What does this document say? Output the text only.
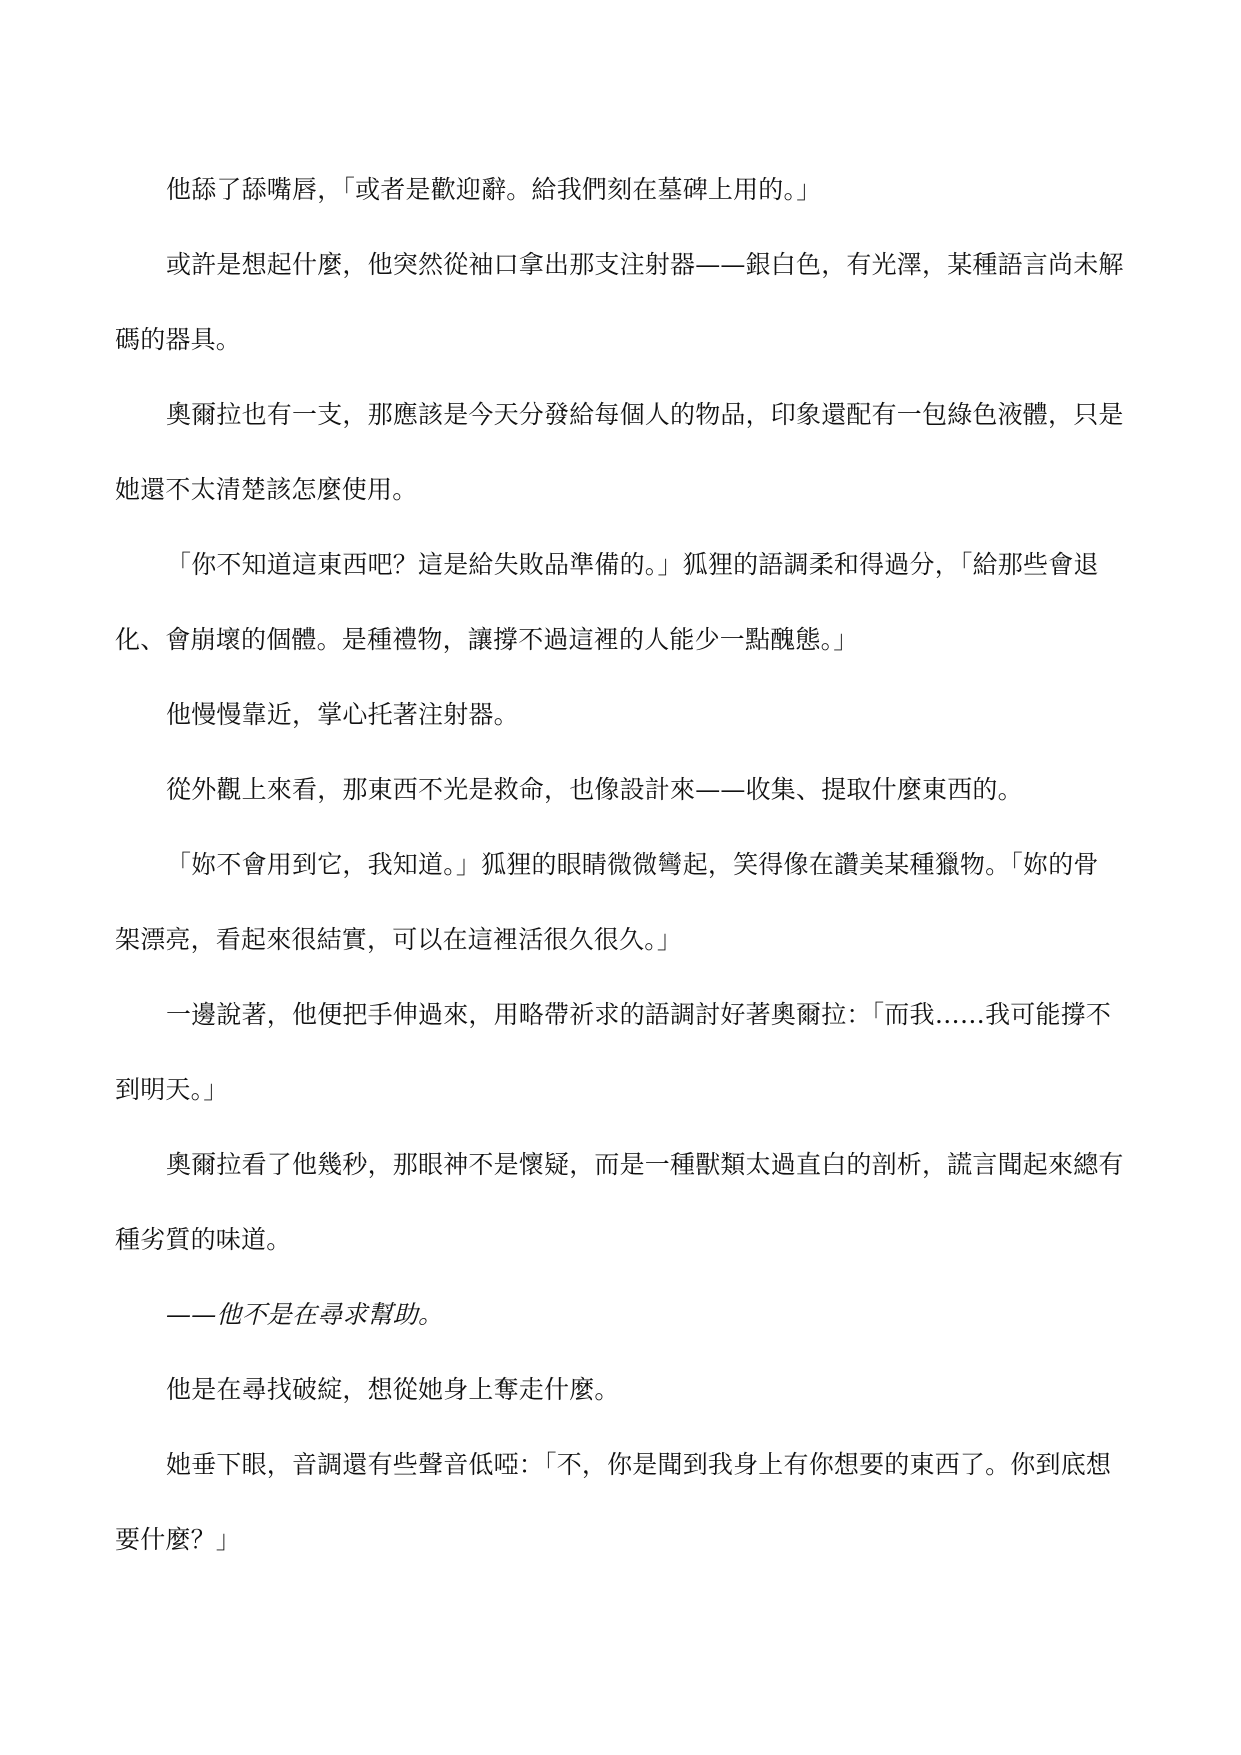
他舔了舔嘴唇，「或者是歡迎辭。給我們刻在墓碑上用的。」
或許是想起什麼，他突然從袖口拿出那支注射器——銀白色，有光澤，某種語言尚未解
碼的器具。
奧爾拉也有一支，那應該是今天分發給每個人的物品，印象還配有一包綠色液體，只是
她還不太清楚該怎麼使用。
「你不知道這東西吧？這是給失敗品準備的。」狐狸的語調柔和得過分，「給那些會退
化、會崩壞的個體。是種禮物，讓撐不過這裡的人能少一點醜態。」
他慢慢靠近，掌心托著注射器。
從外觀上來看，那東西不光是救命，也像設計來——收集、提取什麼東西的。
「妳不會用到它，我知道。」狐狸的眼睛微微彎起，笑得像在讚美某種獵物。「妳的骨
架漂亮，看起來很結實，可以在這裡活很久很久。」
一邊說著，他便把手伸過來，用略帶祈求的語調討好著奧爾拉：「而我……我可能撐不
到明天。」
奧爾拉看了他幾秒，那眼神不是懷疑，而是一種獸類太過直白的剖析，謊言聞起來總有
種劣質的味道。
——他不是在尋求幫助。
他是在尋找破綻，想從她身上奪走什麼。
她垂下眼，音調還有些聲音低啞：「不，你是聞到我身上有你想要的東西了。你到底想
要什麼？」
